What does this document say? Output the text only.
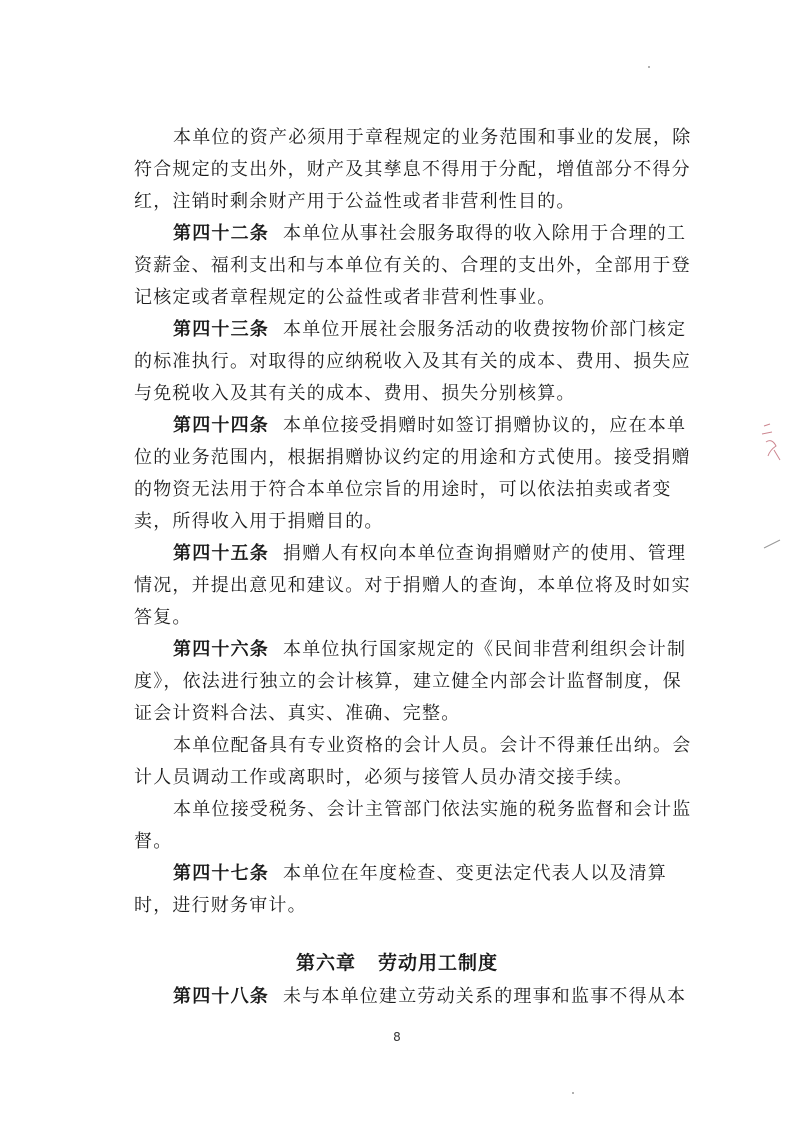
本单位的资产必须用于章程规定的业务范围和事业的发展，除
符合规定的支出外，财产及其孳息不得用于分配，增值部分不得分
红，注销时剩余财产用于公益性或者非营利性目的。
第四十二条 本单位从事社会服务取得的收入除用于合理的工
资薪金、福利支出和与本单位有关的、合理的支出外，全部用于登
记核定或者章程规定的公益性或者非营利性事业。
第四十三条 本单位开展社会服务活动的收费按物价部门核定
的标准执行。对取得的应纳税收入及其有关的成本、费用、损失应
与免税收入及其有关的成本、费用、损失分别核算。
第四十四条 本单位接受捐赠时如签订捐赠协议的，应在本单
位的业务范围内，根据捐赠协议约定的用途和方式使用。接受捐赠
的物资无法用于符合本单位宗旨的用途时，可以依法拍卖或者变
卖，所得收入用于捐赠目的。
第四十五条 捐赠人有权向本单位查询捐赠财产的使用、管理
情况，并提出意见和建议。对于捐赠人的查询，本单位将及时如实
答复。
第四十六条 本单位执行国家规定的《民间非营利组织会计制
度》，依法进行独立的会计核算，建立健全内部会计监督制度，保
证会计资料合法、真实、准确、完整。
本单位配备具有专业资格的会计人员。会计不得兼任出纳。会
计人员调动工作或离职时，必须与接管人员办清交接手续。
本单位接受税务、会计主管部门依法实施的税务监督和会计监
督。
第四十七条 本单位在年度检查、变更法定代表人以及清算
时，进行财务审计。
第六章 劳动用工制度
第四十八条 未与本单位建立劳动关系的理事和监事不得从本
8
